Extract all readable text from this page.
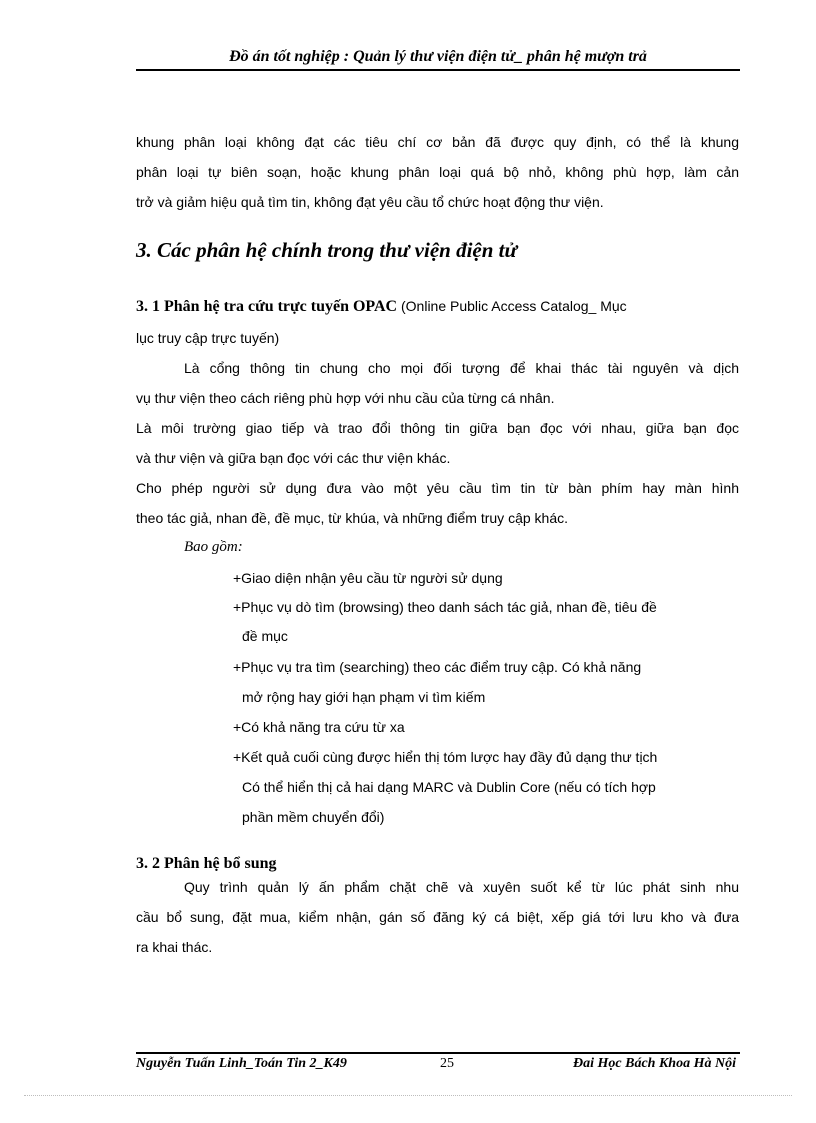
Đồ án tốt nghiệp : Quản lý thư viện điện tử_ phân hệ mượn trả
khung phân loại không đạt các tiêu chí cơ bản đã được quy định, có thể là khung
phân loại tự biên soạn, hoặc khung phân loại quá bộ nhỏ, không phù hợp, làm cản
trở và giảm hiệu quả tìm tin, không đạt yêu cầu tổ chức hoạt động thư viện.
3. Các phân hệ chính trong thư viện điện tử
3. 1 Phân hệ tra cứu trực tuyến OPAC (Online Public Access Catalog_ Mục
lục truy cập trực tuyến)
Là cổng thông tin chung cho mọi đối tượng để khai thác tài nguyên và dịch
vụ thư viện theo cách riêng phù hợp với nhu cầu của từng cá nhân.
Là môi trường giao tiếp và trao đổi thông tin giữa bạn đọc với nhau, giữa bạn đọc
và thư viện và giữa bạn đọc với các thư viện khác.
Cho phép người sử dụng đưa vào một yêu cầu tìm tin từ bàn phím hay màn hình
theo tác giả, nhan đề, đề mục, từ khúa, và những điểm truy cập khác.
Bao gồm:
+Giao diện nhận yêu cầu từ người sử dụng
+Phục vụ dò tìm (browsing) theo danh sách tác giả, nhan đề, tiêu đề
đề mục
+Phục vụ tra tìm (searching) theo các điểm truy cập. Có khả năng
mở rộng hay giới hạn phạm vi tìm kiếm
+Có khả năng tra cứu từ xa
+Kết quả cuối cùng được hiển thị tóm lược hay đầy đủ dạng thư tịch
Có thể hiển thị cả hai dạng MARC và Dublin Core (nếu có tích hợp
phần mềm chuyển đổi)
3. 2 Phân hệ bổ sung
Quy trình quản lý ấn phẩm chặt chẽ và xuyên suốt kể từ lúc phát sinh nhu
cầu bổ sung, đặt mua, kiểm nhận, gán số đăng ký cá biệt, xếp giá tới lưu kho và đưa
ra khai thác.
Nguyễn Tuấn Linh_Toán Tin 2_K49	25	Đai Học Bách Khoa Hà Nội
